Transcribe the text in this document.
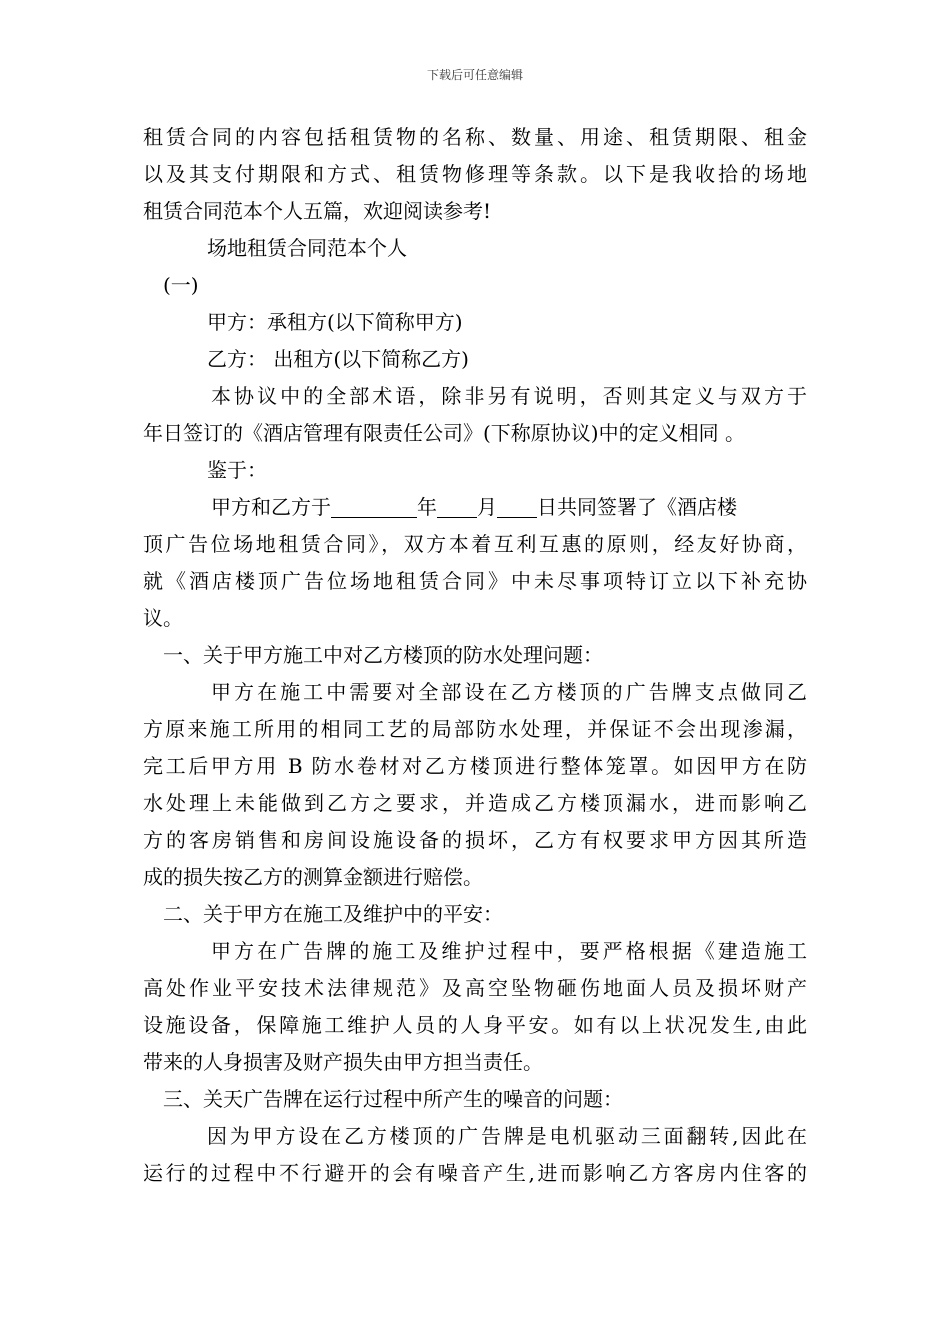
下载后可任意编辑
租赁合同的内容包括租赁物的名称、数量、用途、租赁期限、租金
以及其支付期限和方式、租赁物修理等条款。以下是我收拾的场地
租赁合同范本个人五篇，欢迎阅读参考!
场地租赁合同范本个人
(一)
甲方：承租方(以下简称甲方)
乙方： 出租方(以下简称乙方)
本协议中的全部术语，除非另有说明，否则其定义与双方于
年日签订的《酒店管理有限责任公司》(下称原协议)中的定义相同 。
鉴于：
甲方和乙方于	年 月 日共同签署了《酒店楼
顶广告位场地租赁合同》，双方本着互利互惠的原则，经友好协商，
就《酒店楼顶广告位场地租赁合同》中未尽事项特订立以下补充协
议。
一、关于甲方施工中对乙方楼顶的防水处理问题：
甲方在施工中需要对全部设在乙方楼顶的广告牌支点做同乙
方原来施工所用的相同工艺的局部防水处理，并保证不会出现渗漏，
完工后甲方用 B 防水卷材对乙方楼顶进行整体笼罩。如因甲方在防
水处理上未能做到乙方之要求，并造成乙方楼顶漏水，进而影响乙
方的客房销售和房间设施设备的损坏，乙方有权要求甲方因其所造
成的损失按乙方的测算金额进行赔偿。
二、关于甲方在施工及维护中的平安：
甲方在广告牌的施工及维护过程中，要严格根据《建造施工
高处作业平安技术法律规范》及高空坠物砸伤地面人员及损坏财产
设施设备，保障施工维护人员的人身平安。如有以上状况发生,由此
带来的人身损害及财产损失由甲方担当责任。
三、关天广告牌在运行过程中所产生的噪音的问题：
因为甲方设在乙方楼顶的广告牌是电机驱动三面翻转,因此在
运行的过程中不行避开的会有噪音产生,进而影响乙方客房内住客的
